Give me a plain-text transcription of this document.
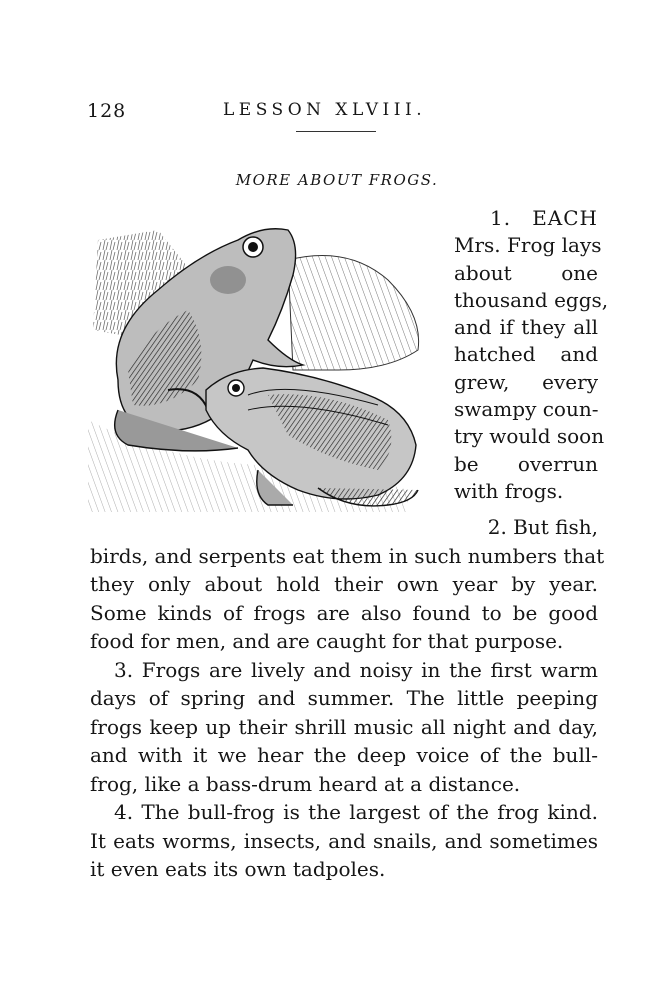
128	LESSON XLVIII.
MORE ABOUT FROGS.
1. EACH
Mrs. Frog lays
about one
thousand eggs,
and if they all
hatched and
grew, every
swampy coun-
try would soon
be overrun
with frogs.
2. But fish,
birds, and serpents eat them in such numbers that
they only about hold their own year by year.
Some kinds of frogs are also found to be good
food for men, and are caught for that purpose.
3. Frogs are lively and noisy in the first warm
days of spring and summer. The little peeping
frogs keep up their shrill music all night and day,
and with it we hear the deep voice of the bull-
frog, like a bass-drum heard at a distance.
4. The bull-frog is the largest of the frog kind.
It eats worms, insects, and snails, and sometimes
it even eats its own tadpoles.
